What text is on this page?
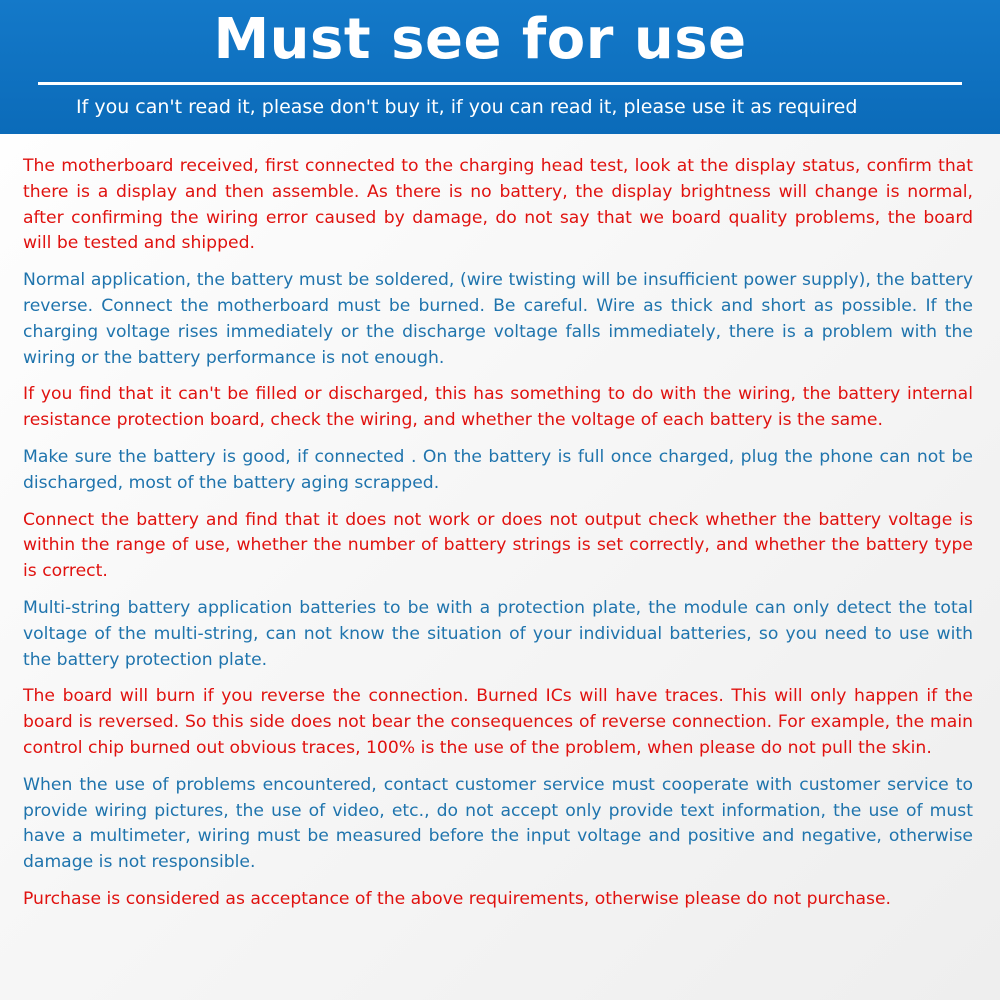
Must see for use
If you can't read it, please don't buy it, if you can read it, please use it as required

The motherboard received, first connected to the charging head test, look at the display status, confirm that there is a display and then assemble. As there is no battery, the display brightness will change is normal, after confirming the wiring error caused by damage, do not say that we board quality problems, the board will be tested and shipped.

Normal application, the battery must be soldered, (wire twisting will be insufficient power supply), the battery reverse. Connect the motherboard must be burned. Be careful. Wire as thick and short as possible. If the charging voltage rises immediately or the discharge voltage falls immediately, there is a problem with the wiring or the battery performance is not enough.

If you find that it can't be filled or discharged, this has something to do with the wiring, the battery internal resistance protection board, check the wiring, and whether the voltage of each battery is the same.

Make sure the battery is good, if connected . On the battery is full once charged, plug the phone can not be discharged, most of the battery aging scrapped.

Connect the battery and find that it does not work or does not output check whether the battery voltage is within the range of use, whether the number of battery strings is set correctly, and whether the battery type is correct.

Multi-string battery application batteries to be with a protection plate, the module can only detect the total voltage of the multi-string, can not know the situation of your individual batteries, so you need to use with the battery protection plate.

The board will burn if you reverse the connection. Burned ICs will have traces. This will only happen if the board is reversed. So this side does not bear the consequences of reverse connection. For example, the main control chip burned out obvious traces, 100% is the use of the problem, when please do not pull the skin.

When the use of problems encountered, contact customer service must cooperate with customer service to provide wiring pictures, the use of video, etc., do not accept only provide text information, the use of must have a multimeter, wiring must be measured before the input voltage and positive and negative, otherwise damage is not responsible.

Purchase is considered as acceptance of the above requirements, otherwise please do not purchase.
